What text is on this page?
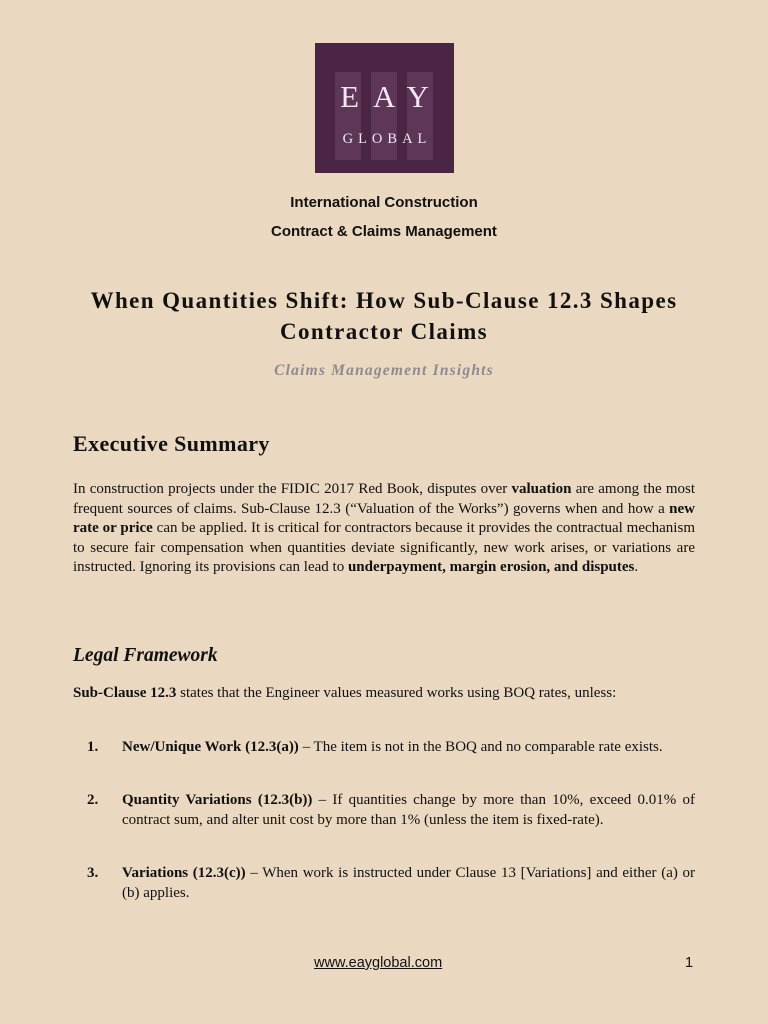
EAY
GLOBAL
International Construction
Contract & Claims Management
When Quantities Shift: How Sub-Clause 12.3 Shapes Contractor Claims
Claims Management Insights
Executive Summary

In construction projects under the FIDIC 2017 Red Book, disputes over valuation are among the most frequent sources of claims. Sub-Clause 12.3 (“Valuation of the Works”) governs when and how a new rate or price can be applied. It is critical for contractors because it provides the contractual mechanism to secure fair compensation when quantities deviate significantly, new work arises, or variations are instructed. Ignoring its provisions can lead to underpayment, margin erosion, and disputes.

Legal Framework

Sub-Clause 12.3 states that the Engineer values measured works using BOQ rates, unless:

1. New/Unique Work (12.3(a)) – The item is not in the BOQ and no comparable rate exists.

2. Quantity Variations (12.3(b)) – If quantities change by more than 10%, exceed 0.01% of contract sum, and alter unit cost by more than 1% (unless the item is fixed-rate).

3. Variations (12.3(c)) – When work is instructed under Clause 13 [Variations] and either (a) or (b) applies.

www.eayglobal.com	1
